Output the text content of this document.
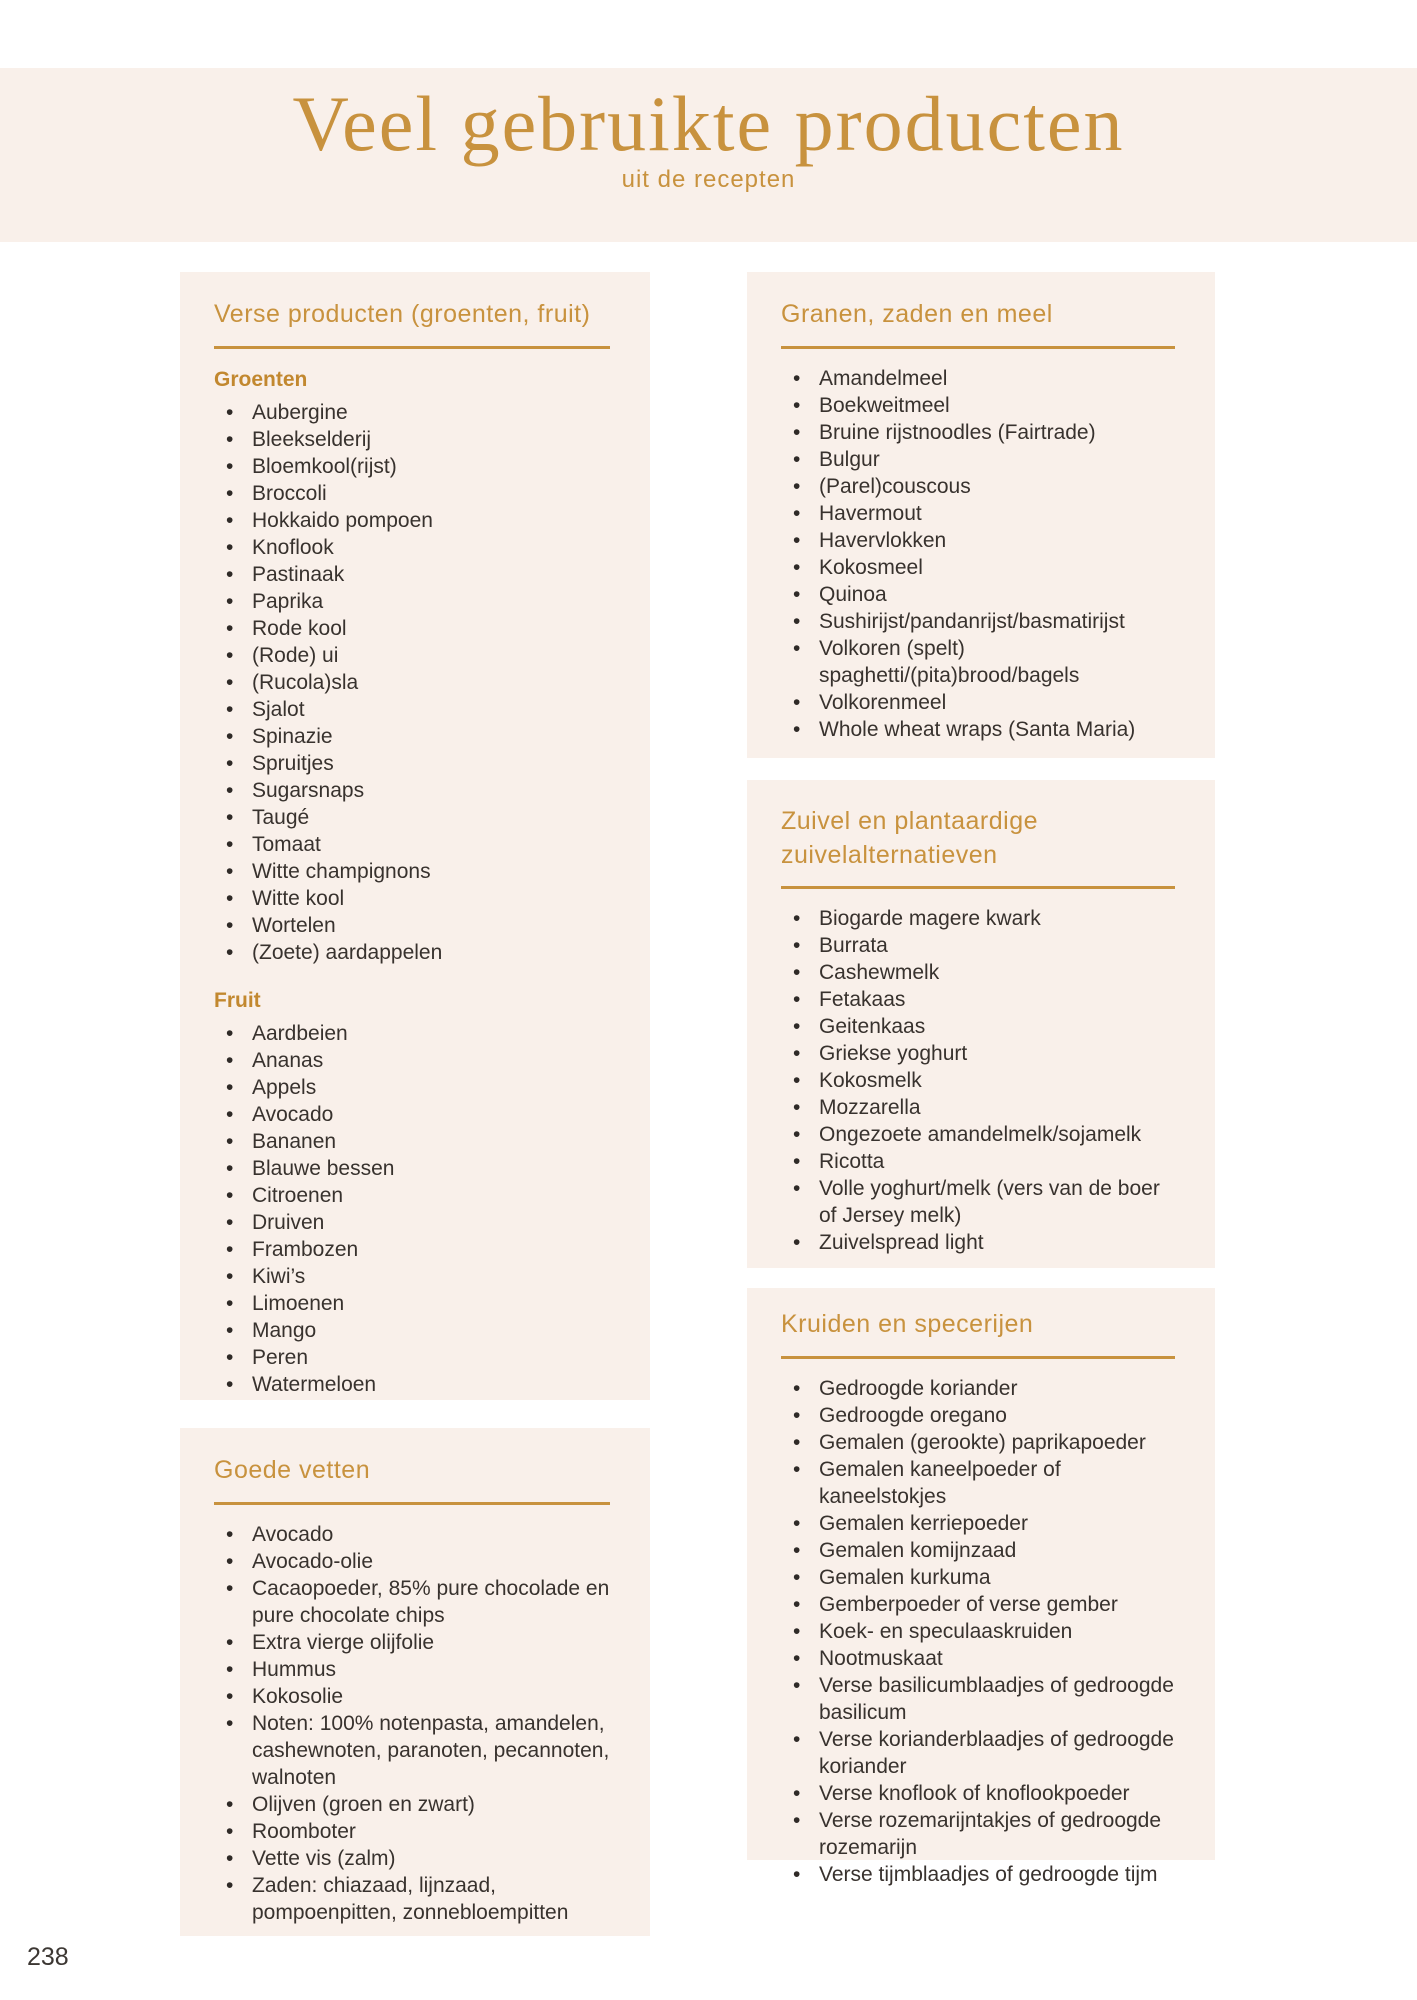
Veel gebruikte producten
uit de recepten
Verse producten (groenten, fruit)
Groenten
• Aubergine
• Bleekselderij
• Bloemkool(rijst)
• Broccoli
• Hokkaido pompoen
• Knoflook
• Pastinaak
• Paprika
• Rode kool
• (Rode) ui
• (Rucola)sla
• Sjalot
• Spinazie
• Spruitjes
• Sugarsnaps
• Taugé
• Tomaat
• Witte champignons
• Witte kool
• Wortelen
• (Zoete) aardappelen
Fruit
• Aardbeien
• Ananas
• Appels
• Avocado
• Bananen
• Blauwe bessen
• Citroenen
• Druiven
• Frambozen
• Kiwi’s
• Limoenen
• Mango
• Peren
• Watermeloen
Goede vetten
• Avocado
• Avocado-olie
• Cacaopoeder, 85% pure chocolade en pure chocolate chips
• Extra vierge olijfolie
• Hummus
• Kokosolie
• Noten: 100% notenpasta, amandelen, cashewnoten, paranoten, pecannoten, walnoten
• Olijven (groen en zwart)
• Roomboter
• Vette vis (zalm)
• Zaden: chiazaad, lijnzaad, pompoenpitten, zonnebloempitten
Granen, zaden en meel
• Amandelmeel
• Boekweitmeel
• Bruine rijstnoodles (Fairtrade)
• Bulgur
• (Parel)couscous
• Havermout
• Havervlokken
• Kokosmeel
• Quinoa
• Sushirijst/pandanrijst/basmatirijst
• Volkoren (spelt) spaghetti/(pita)brood/bagels
• Volkorenmeel
• Whole wheat wraps (Santa Maria)
Zuivel en plantaardige zuivelalternatieven
• Biogarde magere kwark
• Burrata
• Cashewmelk
• Fetakaas
• Geitenkaas
• Griekse yoghurt
• Kokosmelk
• Mozzarella
• Ongezoete amandelmelk/sojamelk
• Ricotta
• Volle yoghurt/melk (vers van de boer of Jersey melk)
• Zuivelspread light
Kruiden en specerijen
• Gedroogde koriander
• Gedroogde oregano
• Gemalen (gerookte) paprikapoeder
• Gemalen kaneelpoeder of kaneelstokjes
• Gemalen kerriepoeder
• Gemalen komijnzaad
• Gemalen kurkuma
• Gemberpoeder of verse gember
• Koek- en speculaaskruiden
• Nootmuskaat
• Verse basilicumblaadjes of gedroogde basilicum
• Verse korianderblaadjes of gedroogde koriander
• Verse knoflook of knoflookpoeder
• Verse rozemarijntakjes of gedroogde rozemarijn
• Verse tijmblaadjes of gedroogde tijm
238
